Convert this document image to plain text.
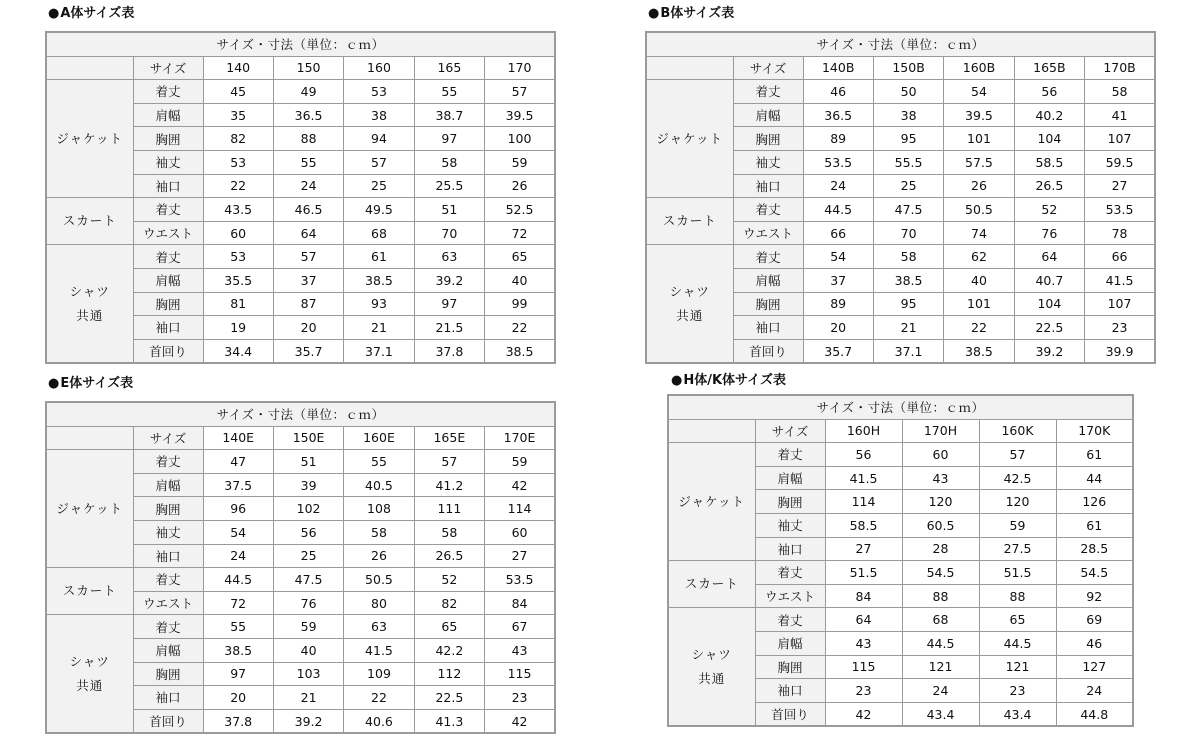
●A体サイズ表
サイズ・寸法（単位：ｃｍ）						
	サイズ	140	150	160	165	170

ジャケット	着丈	45	49	53	55	57
	肩幅	35	36.5	38	38.7	39.5
	胸囲	82	88	94	97	100
	袖丈	53	55	57	58	59
	袖口	22	24	25	25.5	26

スカート	着丈	43.5	46.5	49.5	51	52.5
	ウエスト	60	64	68	70	72

シャツ
共通	着丈	53	57	61	63	65
	肩幅	35.5	37	38.5	39.2	40
	胸囲	81	87	93	97	99
	袖口	19	20	21	21.5	22
	首回り	34.4	35.7	37.1	37.8	38.5
●B体サイズ表
サイズ・寸法（単位：ｃｍ）						
	サイズ	140B	150B	160B	165B	170B

ジャケット	着丈	46	50	54	56	58
	肩幅	36.5	38	39.5	40.2	41
	胸囲	89	95	101	104	107
	袖丈	53.5	55.5	57.5	58.5	59.5
	袖口	24	25	26	26.5	27

スカート	着丈	44.5	47.5	50.5	52	53.5
	ウエスト	66	70	74	76	78

シャツ
共通	着丈	54	58	62	64	66
	肩幅	37	38.5	40	40.7	41.5
	胸囲	89	95	101	104	107
	袖口	20	21	22	22.5	23
	首回り	35.7	37.1	38.5	39.2	39.9
●E体サイズ表
サイズ・寸法（単位：ｃｍ）						
	サイズ	140E	150E	160E	165E	170E

ジャケット	着丈	47	51	55	57	59
	肩幅	37.5	39	40.5	41.2	42
	胸囲	96	102	108	111	114
	袖丈	54	56	58	58	60
	袖口	24	25	26	26.5	27

スカート	着丈	44.5	47.5	50.5	52	53.5
	ウエスト	72	76	80	82	84

シャツ
共通	着丈	55	59	63	65	67
	肩幅	38.5	40	41.5	42.2	43
	胸囲	97	103	109	112	115
	袖口	20	21	22	22.5	23
	首回り	37.8	39.2	40.6	41.3	42
●H体/K体サイズ表
サイズ・寸法（単位：ｃｍ）					
	サイズ	160H	170H	160K	170K

ジャケット	着丈	56	60	57	61
	肩幅	41.5	43	42.5	44
	胸囲	114	120	120	126
	袖丈	58.5	60.5	59	61
	袖口	27	28	27.5	28.5

スカート	着丈	51.5	54.5	51.5	54.5
	ウエスト	84	88	88	92

シャツ
共通	着丈	64	68	65	69
	肩幅	43	44.5	44.5	46
	胸囲	115	121	121	127
	袖口	23	24	23	24
	首回り	42	43.4	43.4	44.8
